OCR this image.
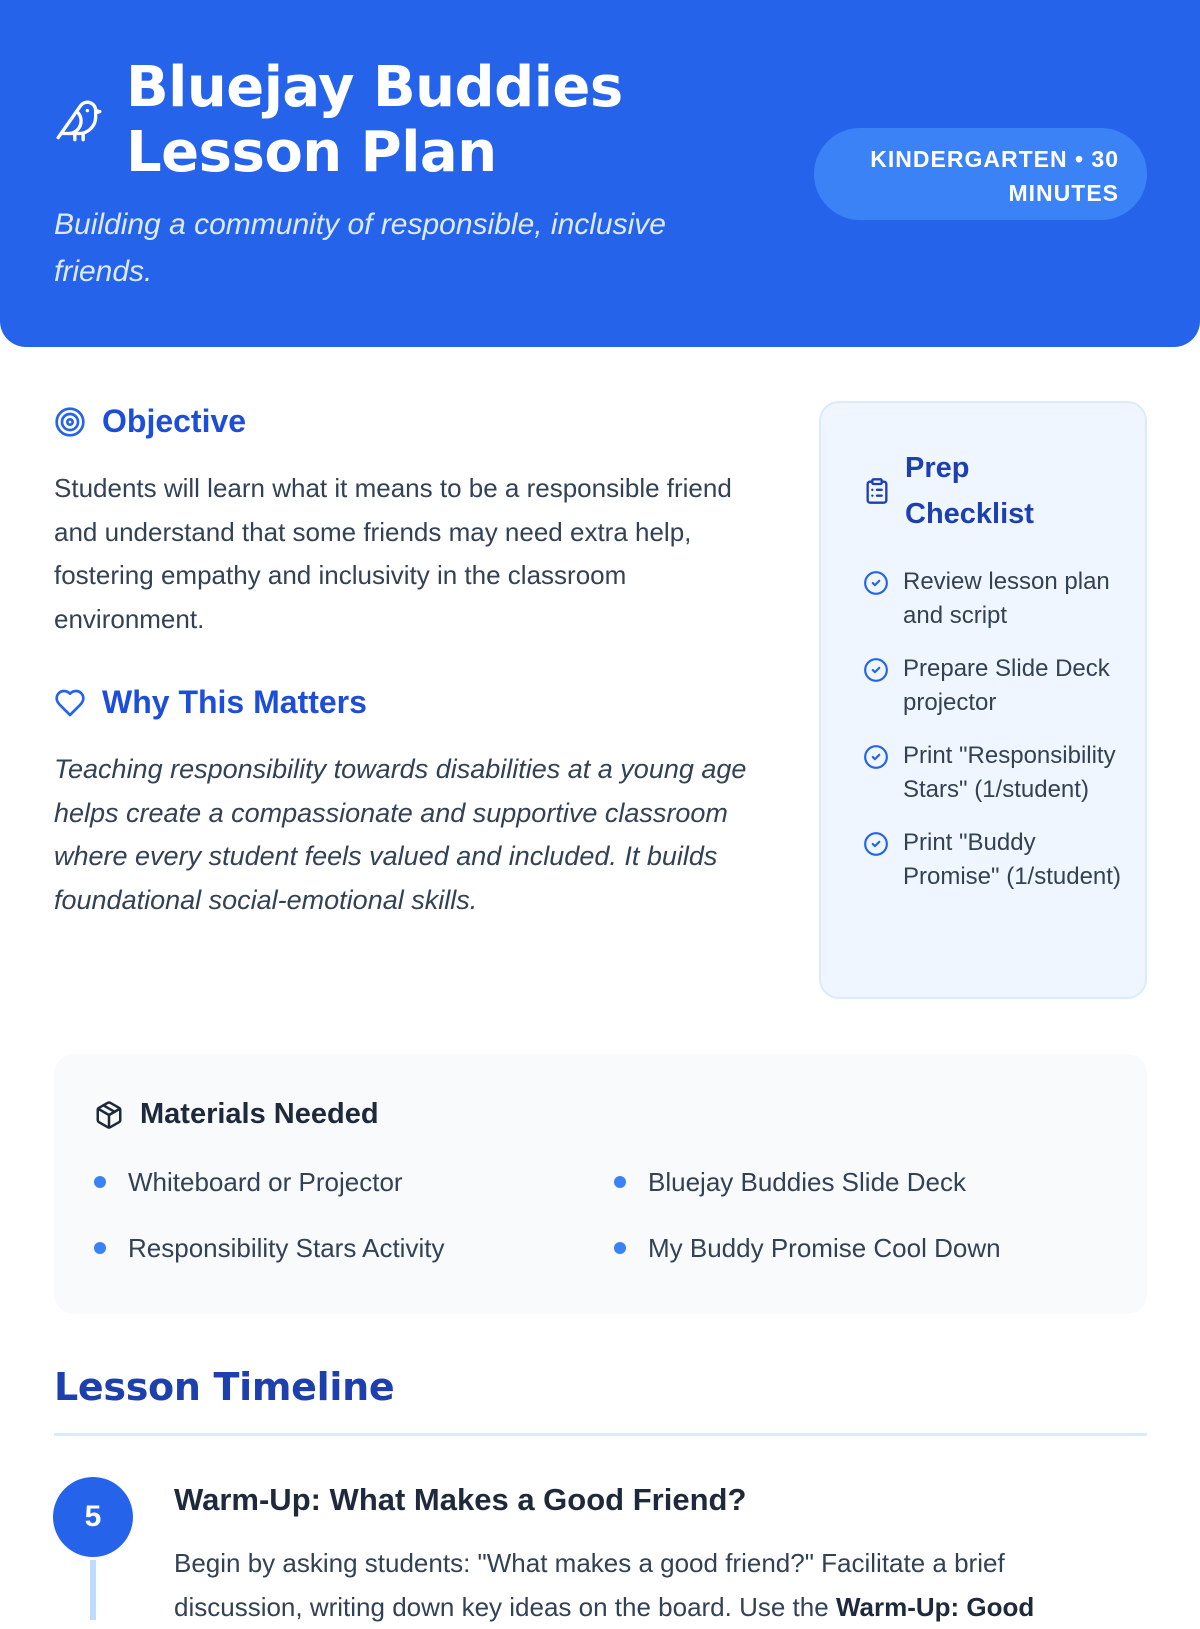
Bluejay Buddies Lesson Plan

Building a community of responsible, inclusive friends.

KINDERGARTEN • 30 MINUTES
Objective

Students will learn what it means to be a responsible friend and understand that some friends may need extra help, fostering empathy and inclusivity in the classroom environment.

Why This Matters

Teaching responsibility towards disabilities at a young age helps create a compassionate and supportive classroom where every student feels valued and included. It builds foundational social-emotional skills.

Prep Checklist
Review lesson plan and script
Prepare Slide Deck projector
Print "Responsibility Stars" (1/student)
Print "Buddy Promise" (1/student)
Materials Needed
Whiteboard or Projector	Bluejay Buddies Slide Deck
Responsibility Stars Activity	My Buddy Promise Cool Down
Lesson Timeline
5	Warm-Up: What Makes a Good Friend?

Begin by asking students: "What makes a good friend?" Facilitate a brief discussion, writing down key ideas on the board. Use the Warm-Up: Good
